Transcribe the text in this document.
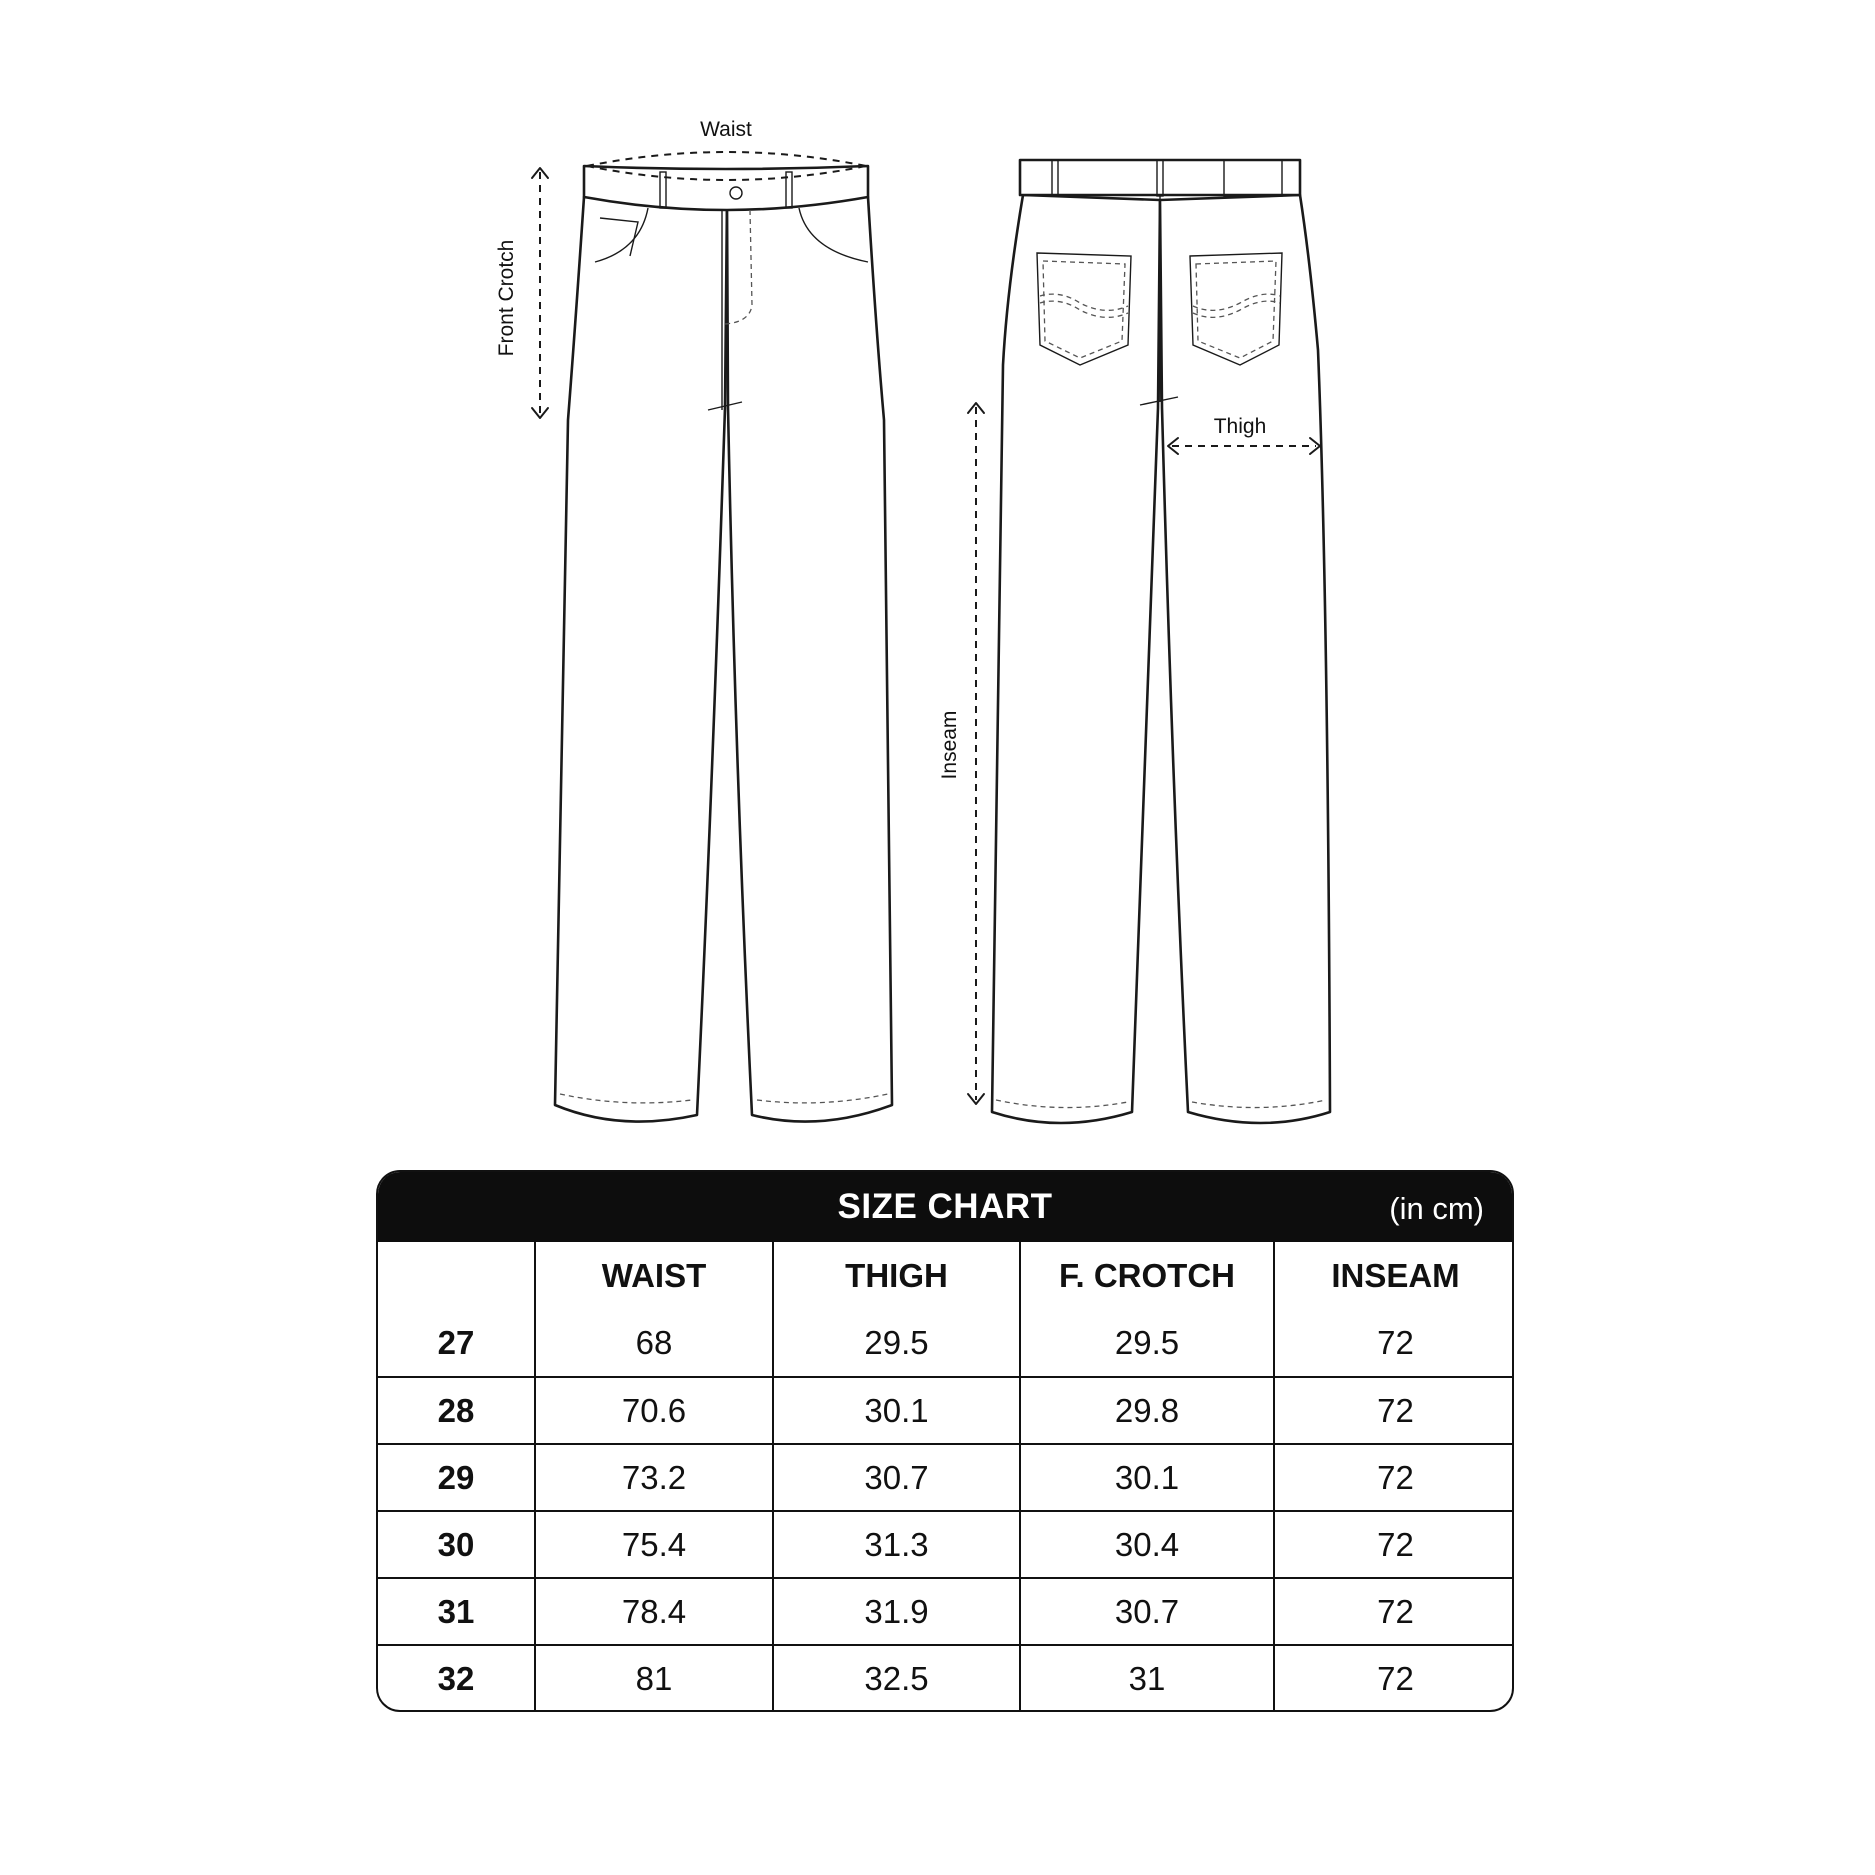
Waist
Front Crotch
Thigh
Inseam
SIZE CHART	(in cm)
	WAIST	THIGH	F. CROTCH	INSEAM
27	68	29.5	29.5	72
28	70.6	30.1	29.8	72
29	73.2	30.7	30.1	72
30	75.4	31.3	30.4	72
31	78.4	31.9	30.7	72
32	81	32.5	31	72
